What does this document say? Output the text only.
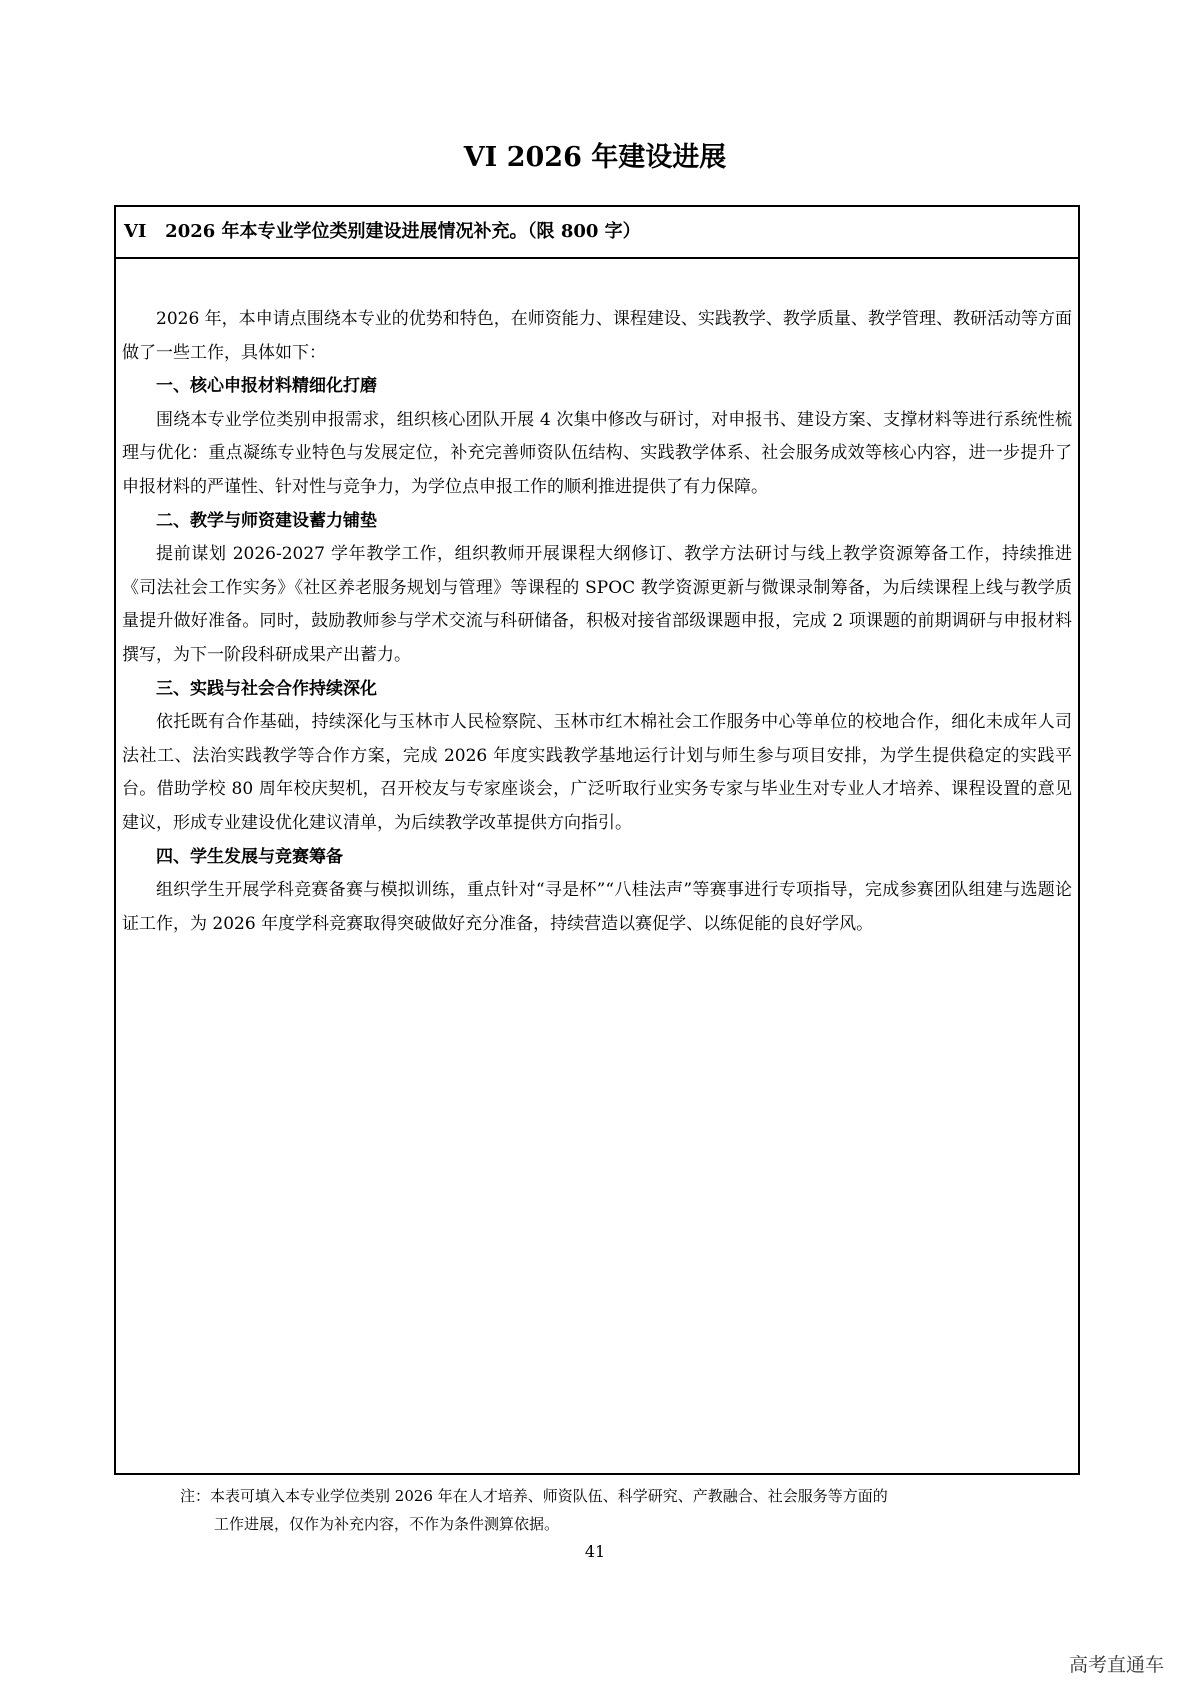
VI 2026 年建设进展
VI   2026 年本专业学位类别建设进展情况补充。（限 800 字）

2026 年，本申请点围绕本专业的优势和特色，在师资能力、课程建设、实践教学、教学质量、教学管理、教研活动等方面做了一些工作，具体如下：

一、核心申报材料精细化打磨

围绕本专业学位类别申报需求，组织核心团队开展 4 次集中修改与研讨，对申报书、建设方案、支撑材料等进行系统性梳理与优化：重点凝练专业特色与发展定位，补充完善师资队伍结构、实践教学体系、社会服务成效等核心内容，进一步提升了申报材料的严谨性、针对性与竞争力，为学位点申报工作的顺利推进提供了有力保障。

二、教学与师资建设蓄力铺垫

提前谋划 2026-2027 学年教学工作，组织教师开展课程大纲修订、教学方法研讨与线上教学资源筹备工作，持续推进《司法社会工作实务》《社区养老服务规划与管理》等课程的 SPOC 教学资源更新与微课录制筹备，为后续课程上线与教学质量提升做好准备。同时，鼓励教师参与学术交流与科研储备，积极对接省部级课题申报，完成 2 项课题的前期调研与申报材料撰写，为下一阶段科研成果产出蓄力。

三、实践与社会合作持续深化

依托既有合作基础，持续深化与玉林市人民检察院、玉林市红木棉社会工作服务中心等单位的校地合作，细化未成年人司法社工、法治实践教学等合作方案，完成 2026 年度实践教学基地运行计划与师生参与项目安排，为学生提供稳定的实践平台。借助学校 80 周年校庆契机，召开校友与专家座谈会，广泛听取行业实务专家与毕业生对专业人才培养、课程设置的意见建议，形成专业建设优化建议清单，为后续教学改革提供方向指引。

四、学生发展与竞赛筹备

组织学生开展学科竞赛备赛与模拟训练，重点针对“寻是杯”“八桂法声”等赛事进行专项指导，完成参赛团队组建与选题论证工作，为 2026 年度学科竞赛取得突破做好充分准备，持续营造以赛促学、以练促能的良好学风。

注：本表可填入本专业学位类别 2026 年在人才培养、师资队伍、科学研究、产教融合、社会服务等方面的
工作进展，仅作为补充内容，不作为条件测算依据。
41
高考直通车
